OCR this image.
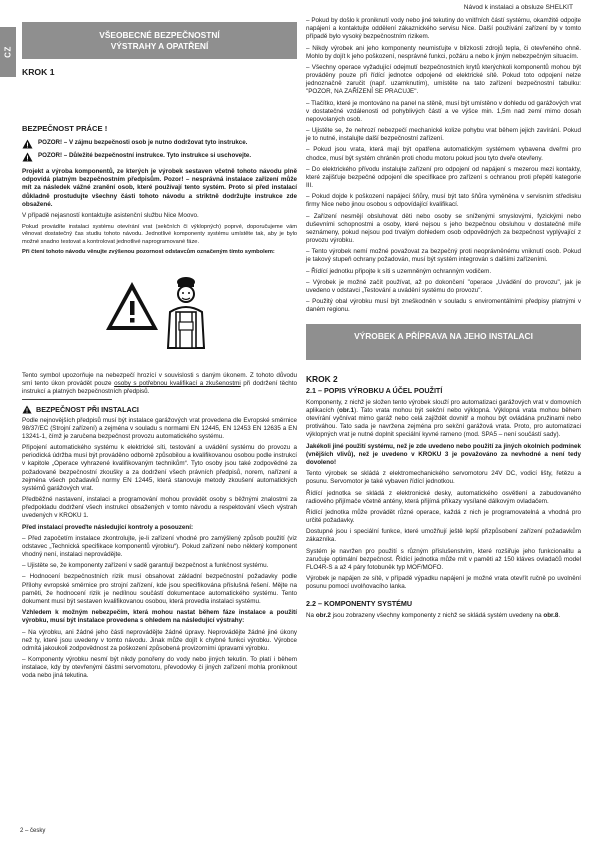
CZ
Návod k instalaci a obsluze SHELKIT
VŠEOBECNÉ BEZPEČNOSTNÍ
VÝSTRAHY A OPATŘENÍ
KROK 1
BEZPEČNOST PRÁCE !
POZOR! – V zájmu bezpečnosti osob je nutno dodržovat tyto instrukce.
POZOR! – Důležité bezpečnostní instrukce. Tyto instrukce si uschovejte.

Projekt a výroba komponentů, ze kterých je výrobek sestaven včetně tohoto návodu plně odpovídá platným bezpečnostním předpisům. Pozor! – nesprávná instalace zařízení může mít za následek vážné zranění osob, které používají tento systém. Proto si před instalací důkladně prostudujte všechny části tohoto návodu a striktně dodržujte instrukce zde obsažené.

V případě nejasností kontaktujte asistenční službu Nice Moovo.

Pokud provádíte instalaci systému otevírání vrat (sekčních či výklopných) poprvé, doporučujeme vám věnovat dostatečný čas studiu tohoto návodu. Jednotlivé komponenty systému umístěte tak, aby je bylo možné snadno testovat a kontrolovat jednotlivé naprogramované fáze.

Při čtení tohoto návodu věnujte zvýšenou pozornost odstavcům označeným tímto symbolem:

Tento symbol upozorňuje na nebezpečí hrozící v souvislosti s daným úkonem. Z tohoto důvodu smí tento úkon provádět pouze osoby s potřebnou kvalifikací a zkušenostmi při dodržení těchto instrukcí a platných bezpečnostních předpisů.

BEZPEČNOST PŘI INSTALACI

Podle nejnovějších předpisů musí být instalace garážových vrat provedena dle Evropské směrnice 98/37/EC (Strojní zařízení) a zejména v souladu s normami EN 12445, EN 12453 EN 12635 a EN 13241-1, čímž je zaručena bezpečnost provozu automatického systému.

Připojení automatického systému k elektrické síti, testování a uvádění systému do provozu a periodická údržba musí být prováděno odborně způsobilou a kvalifikovanou osobou podle instrukcí v kapitole „Operace vyhrazené kvalifikovaným technikům“. Tyto osoby jsou také zodpovědné za požadované bezpečnostní zkoušky a za dodržení všech právních předpisů, norem, nařízení a zejména všech požadavků normy EN 12445, která stanovuje metody zkoušení automatických systémů garážových vrat.

Předběžné nastavení, instalaci a programování mohou provádět osoby s běžnými znalostmi za předpokladu dodržení všech instrukcí obsažených v tomto návodu a respektování všech výstrah uvedených v KROKU 1.

Před instalací proveďte následující kontroly a posouzení:

– Před započetím instalace zkontrolujte, je-li zařízení vhodné pro zamýšlený způsob použití (viz odstavec „Technická specifikace komponentů výrobku“). Pokud zařízení nebo některý komponent vhodný není, instalaci neprovádějte.

– Ujistěte se, že komponenty zařízení v sadě garantují bezpečnost a funkčnost systému.

– Hodnocení bezpečnostních rizik musí obsahovat základní bezpečnostní požadavky podle Přílohy evropské směrnice pro strojní zařízení, kde jsou specifikována příslušná řešení. Mějte na paměti, že hodnocení rizik je nedílnou součástí dokumentace automatického systému. Tento dokument musí být sestaven kvalifikovanou osobou, která provedla instalaci systému.

Vzhledem k možným nebezpečím, která mohou nastat během fáze instalace a použití výrobku, musí být instalace provedena s ohledem na následující výstrahy:

– Na výrobku, ani žádné jeho části neprovádějte žádné úpravy. Neprovádějte žádné jiné úkony než ty, které jsou uvedeny v tomto návodu. Jinak může dojít k chybné funkci výrobku. Výrobce odmítá jakoukoli zodpovědnost za poškození způsobená provizorními úpravami výrobku.

– Komponenty výrobku nesmí být nikdy ponořeny do vody nebo jiných tekutin. To platí i během instalace, kdy by otevřenými částmi servomotoru, převodovky či jiných zařízení mohla proniknout voda nebo jiná tekutina.

– Pokud by došlo k proniknutí vody nebo jiné tekutiny do vnitřních částí systému, okamžitě odpojte napájení a kontaktujte oddělení zákaznického servisu Nice. Další používání zařízení by v tomto případě bylo vysoký bezpečnostním rizikem.

– Nikdy výrobek ani jeho komponenty neumisťujte v blízkosti zdrojů tepla, či otevřeného ohně. Mohlo by dojít k jeho poškození, nesprávné funkci, požáru a nebo k jiným nebezpečným situacím.

– Všechny operace vyžadující odejmutí bezpečnostních krytů kterýchkoli komponentů mohou být prováděny pouze při řídící jednotce odpojené od elektrické sítě. Pokud toto odpojení nelze jednoznačně zaručit (např. uzamknutím), umístěte na tato zařízení bezpečnostní tabulku: "POZOR, NA ZAŘÍZENÍ SE PRACUJE".

– Tlačítko, které je montováno na panel na stěně, musí být umístěno v dohledu od garážových vrat v dostatečné vzdálenosti od pohyblivých částí a ve výšce min. 1,5m nad zemí mimo dosah nepovolaných osob.

– Ujistěte se, že nehrozí nebezpečí mechanické kolize pohybu vrat během jejich zavírání. Pokud je to nutné, instalujte další bezpečnostní zařízení.

– Pokud jsou vrata, která mají být opatřena automatickým systémem vybavena dveřmi pro chodce, musí být systém chráněn proti chodu motoru pokud jsou tyto dveře otevřeny.

– Do elektrického přívodu instalujte zařízení pro odpojení od napájení s mezerou mezi kontakty, které zajišťuje bezpečné odpojení dle specifikace pro zařízení s ochranou proti přepětí kategorie III.

– Pokud dojde k poškození napájecí šňůry, musí být tato šňůra vyměněna v servisním středisku firmy Nice nebo jinou osobou s odpovídající kvalifikací.

– Zařízení nesmějí obsluhovat děti nebo osoby se sníženými smyslovými, fyzickými nebo duševními schopnostmi a osoby, které nejsou s jeho bezpečnou obsluhou v dostatečné míře seznámeny, pokud nejsou pod trvalým dohledem osob odpovědných za bezpečnost vyplývající z provozu výrobku.

– Tento výrobek nemí možné považovat za bezpečný proti neoprávněnému vniknutí osob. Pokud je takový stupeň ochrany požadován, musí být systém integrován s dalšími zařízeními.

– Řídící jednotku připojte k síti s uzemněným ochranným vodičem.

– Výrobek je možné začít používat, až po dokončení "operace „Uvádění do provozu", jak je uvedeno v odstavci „Testování a uvádění systému do provozu".

– Použitý obal výrobku musí být zneškodněn v souladu s enviromentálními předpisy platnými v daném regionu.

VÝROBEK A PŘÍPRAVA NA JEHO INSTALACI
KROK 2
2.1 – POPIS VÝROBKU A ÚČEL POUŽITÍ

Komponenty, z nichž je složen tento výrobek slouží pro automatizaci garážových vrat v domovních aplikacích (obr.1). Tato vrata mohou být sekční nebo výklopná. Výklopná vrata mohou během otevírání vyčnívat mimo garáž nebo celá zajíždět dovnitř a mohou být ovládána pružinami nebo protiváhou. Tato sada je navržena zejména pro sekční garážová vrata. Proto, pro automatizaci výklopných vrat je nutné doplnit speciální kyvné rameno (mod. SPA5 – není součástí sady).

Jakékoli jiné použití systému, než je zde uvedeno nebo použití za jiných okolních podmínek (vnějších vlivů), než je uvedeno v KROKU 3 je považováno za nevhodné a není tedy dovoleno!

Tento výrobek se skládá z elektromechanického servomotoru 24V DC, vodicí lišty, řetězu a posunu. Servomotor je také vybaven řídící jednotkou.

Řídící jednotka se skládá z elektronické desky, automatického osvětlení a zabudovaného radiového přijímače včetně antény, která přijímá příkazy vysílané dálkovým ovladačem.

Řídící jednotka může provádět různé operace, každá z nich je programovatelná a vhodná pro určité požadavky.

Dostupné jsou i speciální funkce, které umožňují ještě lepší přizpůsobení zařízení požadavkům zákazníka.

Systém je navržen pro použití s různým příslušenstvím, které rozšiřuje jeho funkcionalitu a zaručuje optimální bezpečnost. Řídící jednotka může mít v paměti až 150 kláves ovladačů model FLO4R-S a až 4 páry fotobuněk typ MOF/MOFO.

Výrobek je napájen ze sítě, v případě výpadku napájení je možné vrata otevřít ručně po uvolnění posunu pomocí uvolňovacího lanka.

2.2 – KOMPONENTY SYSTÉMU

Na obr.2 jsou zobrazeny všechny komponenty z nichž se skládá systém uvedeny na obr.8.

2 – česky
